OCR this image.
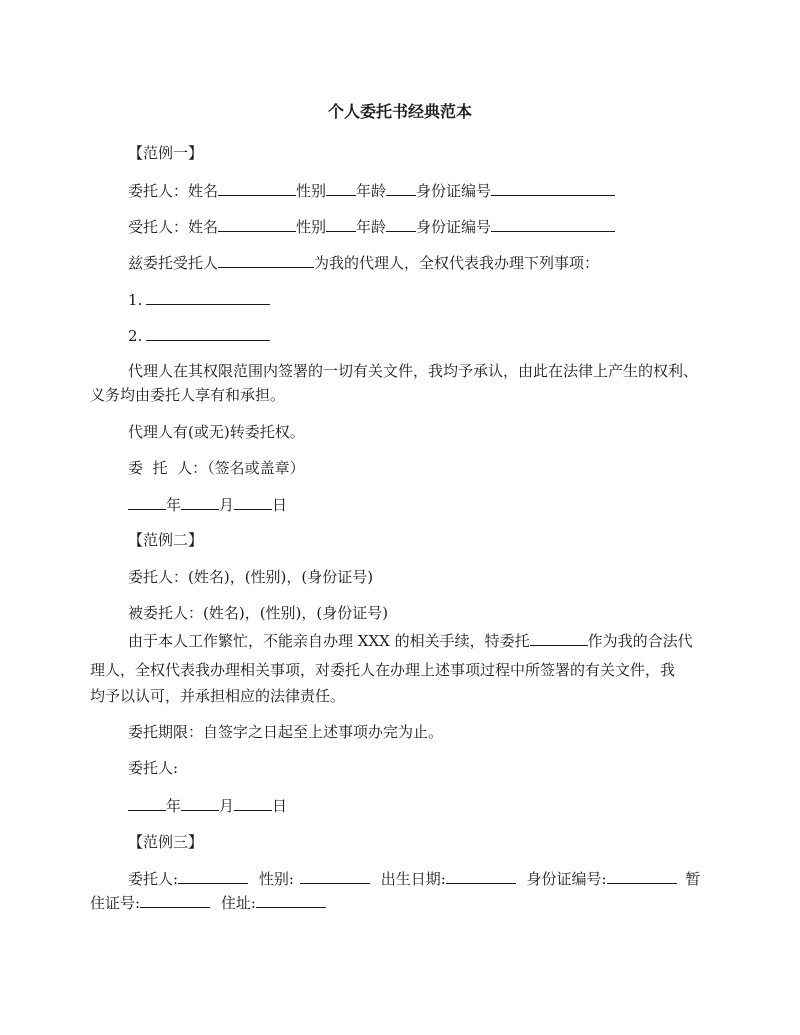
个人委托书经典范本
【范例一】
委托人：姓名	性别 年龄 身份证编号
受托人：姓名	性别 年龄 身份证编号
兹委托受托人	为我的代理人，全权代表我办理下列事项：
1.
2.
代理人在其权限范围内签署的一切有关文件，我均予承认，由此在法律上产生的权利、
义务均由委托人享有和承担。
代理人有(或无)转委托权。
委  托  人：（签名或盖章）
年	月	日
【范例二】
委托人：(姓名)，(性别)，(身份证号)
被委托人：(姓名)，(性别)，(身份证号)
由于本人工作繁忙，不能亲自办理 XXX 的相关手续，特委托	作为我的合法代
理人，全权代表我办理相关事项，对委托人在办理上述事项过程中所签署的有关文件，我
均予以认可，并承担相应的法律责任。
委托期限：自签字之日起至上述事项办完为止。
委托人:
年	月	日
【范例三】
委托人:	性别:	出生日期:	身份证编号:	暂
住证号:	住址:
